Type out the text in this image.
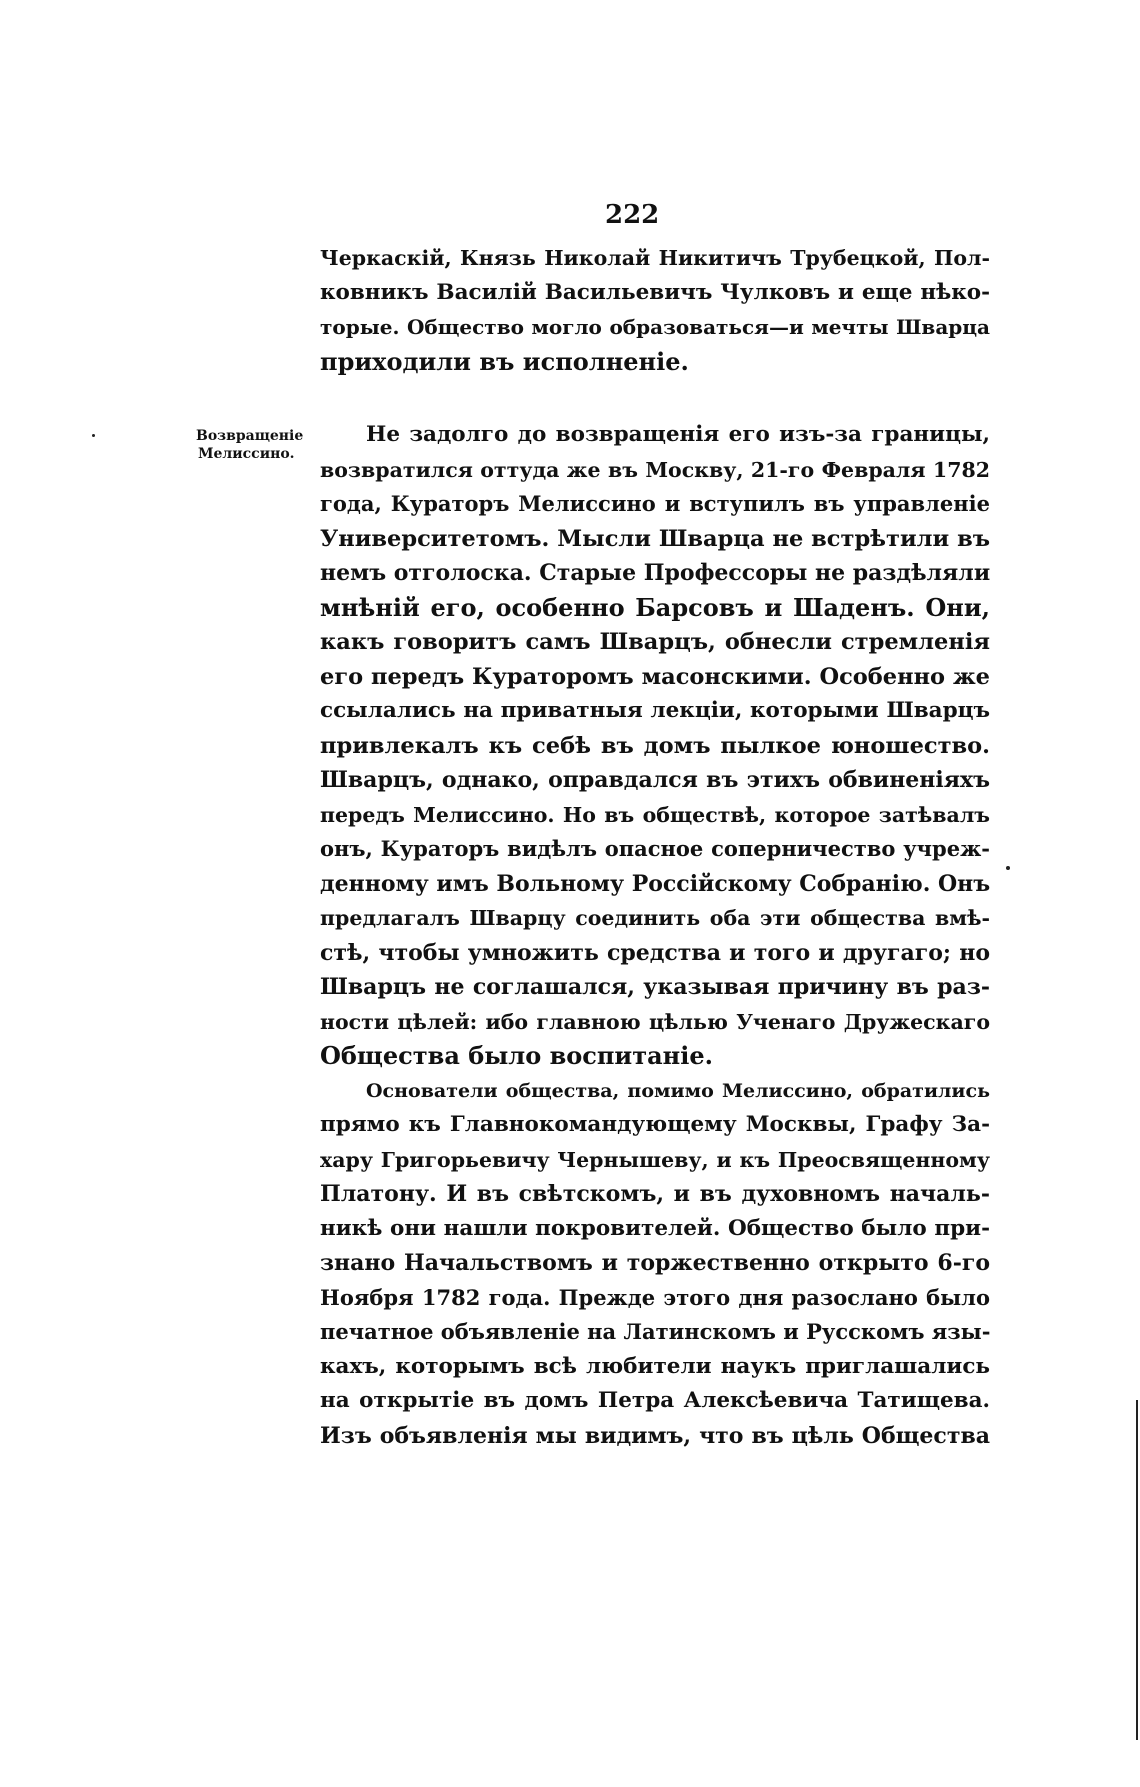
222
Черкаскій, Князь Николай Никитичъ Трубецкой, Пол-
ковникъ Василій Васильевичъ Чулковъ и еще нѣко-
торые. Общество могло образоваться—и мечты Шварца
приходили въ исполненіе.
Возвращеніе
Мелиссино.
Не задолго до возвращенія его изъ-за границы,
возвратился оттуда же въ Москву, 21-го Февраля 1782
года, Кураторъ Мелиссино и вступилъ въ управленіе
Университетомъ. Мысли Шварца не встрѣтили въ
немъ отголоска. Старые Профессоры не раздѣляли
мнѣній его, особенно Барсовъ и Шаденъ. Они,
какъ говоритъ самъ Шварцъ, обнесли стремленія
его передъ Кураторомъ масонскими. Особенно же
ссылались на приватныя лекціи, которыми Шварцъ
привлекалъ къ себѣ въ домъ пылкое юношество.
Шварцъ, однако, оправдался въ этихъ обвиненіяхъ
передъ Мелиссино. Но въ обществѣ, которое затѣвалъ
онъ, Кураторъ видѣлъ опасное соперничество учреж-
денному имъ Вольному Россійскому Собранію. Онъ
предлагалъ Шварцу соединить оба эти общества вмѣ-
стѣ, чтобы умножить средства и того и другаго; но
Шварцъ не соглашался, указывая причину въ раз-
ности цѣлей: ибо главною цѣлью Ученаго Дружескаго
Общества было воспитаніе.
Основатели общества, помимо Мелиссино, обратились
прямо къ Главнокомандующему Москвы, Графу За-
хару Григорьевичу Чернышеву, и къ Преосвященному
Платону. И въ свѣтскомъ, и въ духовномъ началь-
никѣ они нашли покровителей. Общество было при-
знано Начальствомъ и торжественно открыто 6-го
Ноября 1782 года. Прежде этого дня разослано было
печатное объявленіе на Латинскомъ и Русскомъ язы-
кахъ, которымъ всѣ любители наукъ приглашались
на открытіе въ домъ Петра Алексѣевича Татищева.
Изъ объявленія мы видимъ, что въ цѣль Общества
